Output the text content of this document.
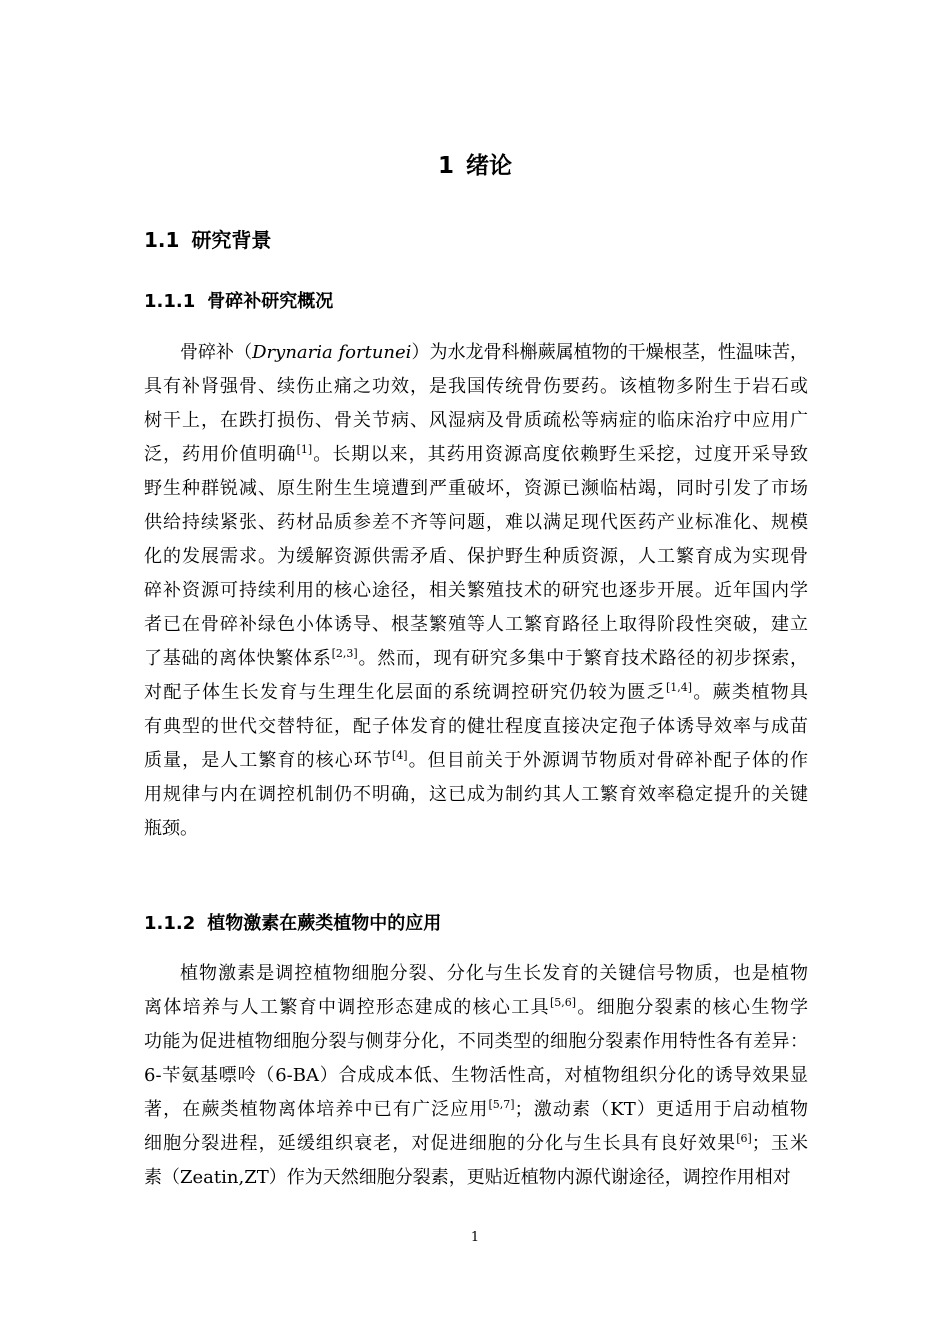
1 绪论
1.1 研究背景
1.1.1 骨碎补研究概况
骨碎补（Drynaria fortunei）为水龙骨科槲蕨属植物的干燥根茎，性温味苦，
具有补肾强骨、续伤止痛之功效，是我国传统骨伤要药。该植物多附生于岩石或
树干上，在跌打损伤、骨关节病、风湿病及骨质疏松等病症的临床治疗中应用广
泛，药用价值明确[1]。长期以来，其药用资源高度依赖野生采挖，过度开采导致
野生种群锐减、原生附生生境遭到严重破坏，资源已濒临枯竭，同时引发了市场
供给持续紧张、药材品质参差不齐等问题，难以满足现代医药产业标准化、规模
化的发展需求。为缓解资源供需矛盾、保护野生种质资源，人工繁育成为实现骨
碎补资源可持续利用的核心途径，相关繁殖技术的研究也逐步开展。近年国内学
者已在骨碎补绿色小体诱导、根茎繁殖等人工繁育路径上取得阶段性突破，建立
了基础的离体快繁体系[2,3]。然而，现有研究多集中于繁育技术路径的初步探索，
对配子体生长发育与生理生化层面的系统调控研究仍较为匮乏[1,4]。蕨类植物具
有典型的世代交替特征，配子体发育的健壮程度直接决定孢子体诱导效率与成苗
质量，是人工繁育的核心环节[4]。但目前关于外源调节物质对骨碎补配子体的作
用规律与内在调控机制仍不明确，这已成为制约其人工繁育效率稳定提升的关键
瓶颈。
1.1.2 植物激素在蕨类植物中的应用
植物激素是调控植物细胞分裂、分化与生长发育的关键信号物质，也是植物
离体培养与人工繁育中调控形态建成的核心工具[5,6]。细胞分裂素的核心生物学
功能为促进植物细胞分裂与侧芽分化，不同类型的细胞分裂素作用特性各有差异：
6-苄氨基嘌呤（6-BA）合成成本低、生物活性高，对植物组织分化的诱导效果显
著，在蕨类植物离体培养中已有广泛应用[5,7]；激动素（KT）更适用于启动植物
细胞分裂进程，延缓组织衰老，对促进细胞的分化与生长具有良好效果[6]；玉米
素（Zeatin,ZT）作为天然细胞分裂素，更贴近植物内源代谢途径，调控作用相对
1
